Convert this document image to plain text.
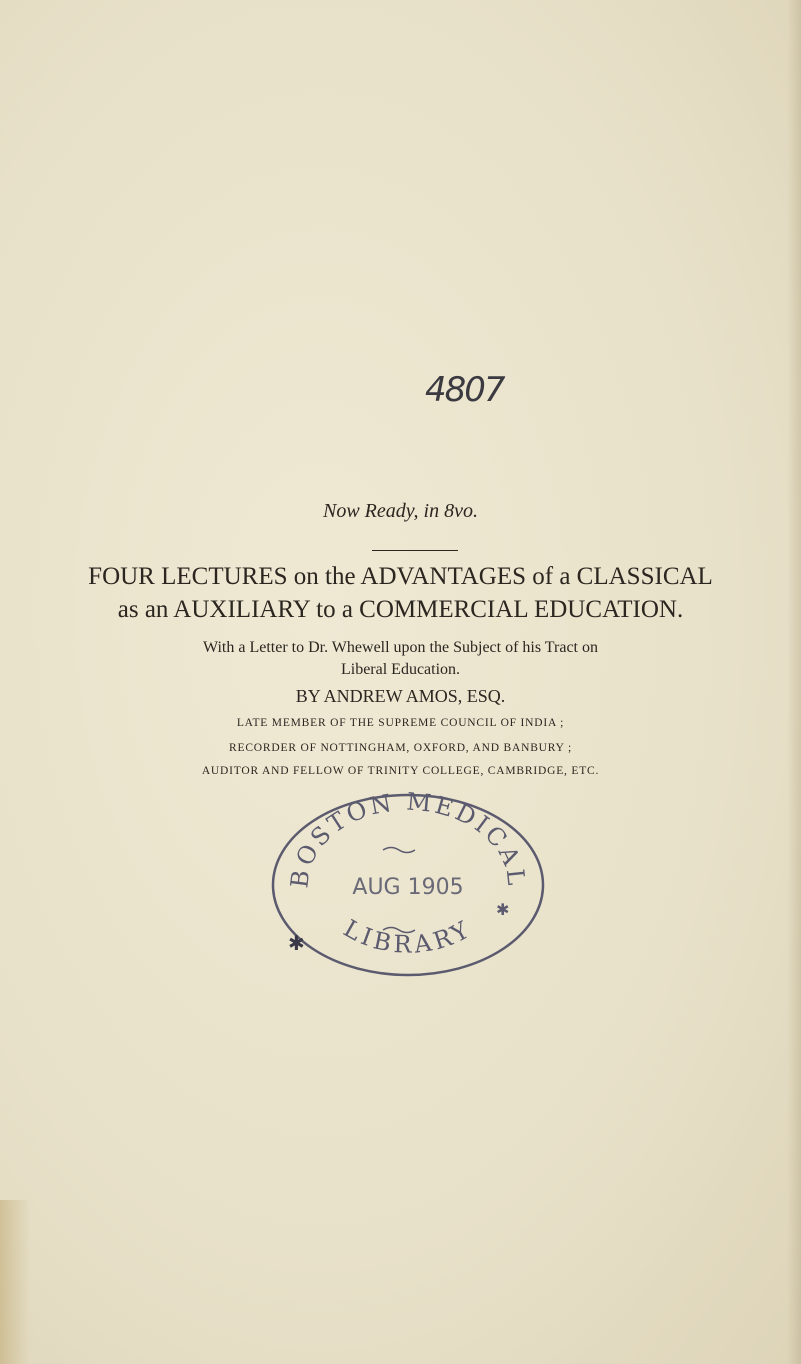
4807
Now Ready, in 8vo.
FOUR LECTURES on the ADVANTAGES of a CLASSICAL
as an AUXILIARY to a COMMERCIAL EDUCATION.
With a Letter to Dr. Whewell upon the Subject of his Tract on
Liberal Education.
BY ANDREW AMOS, ESQ.
LATE MEMBER OF THE SUPREME COUNCIL OF INDIA ;
RECORDER OF NOTTINGHAM, OXFORD, AND BANBURY ;
AUDITOR AND FELLOW OF TRINITY COLLEGE, CAMBRIDGE, ETC.
BOSTON MEDICAL
AUG 1905
LIBRARY
✱
✱
